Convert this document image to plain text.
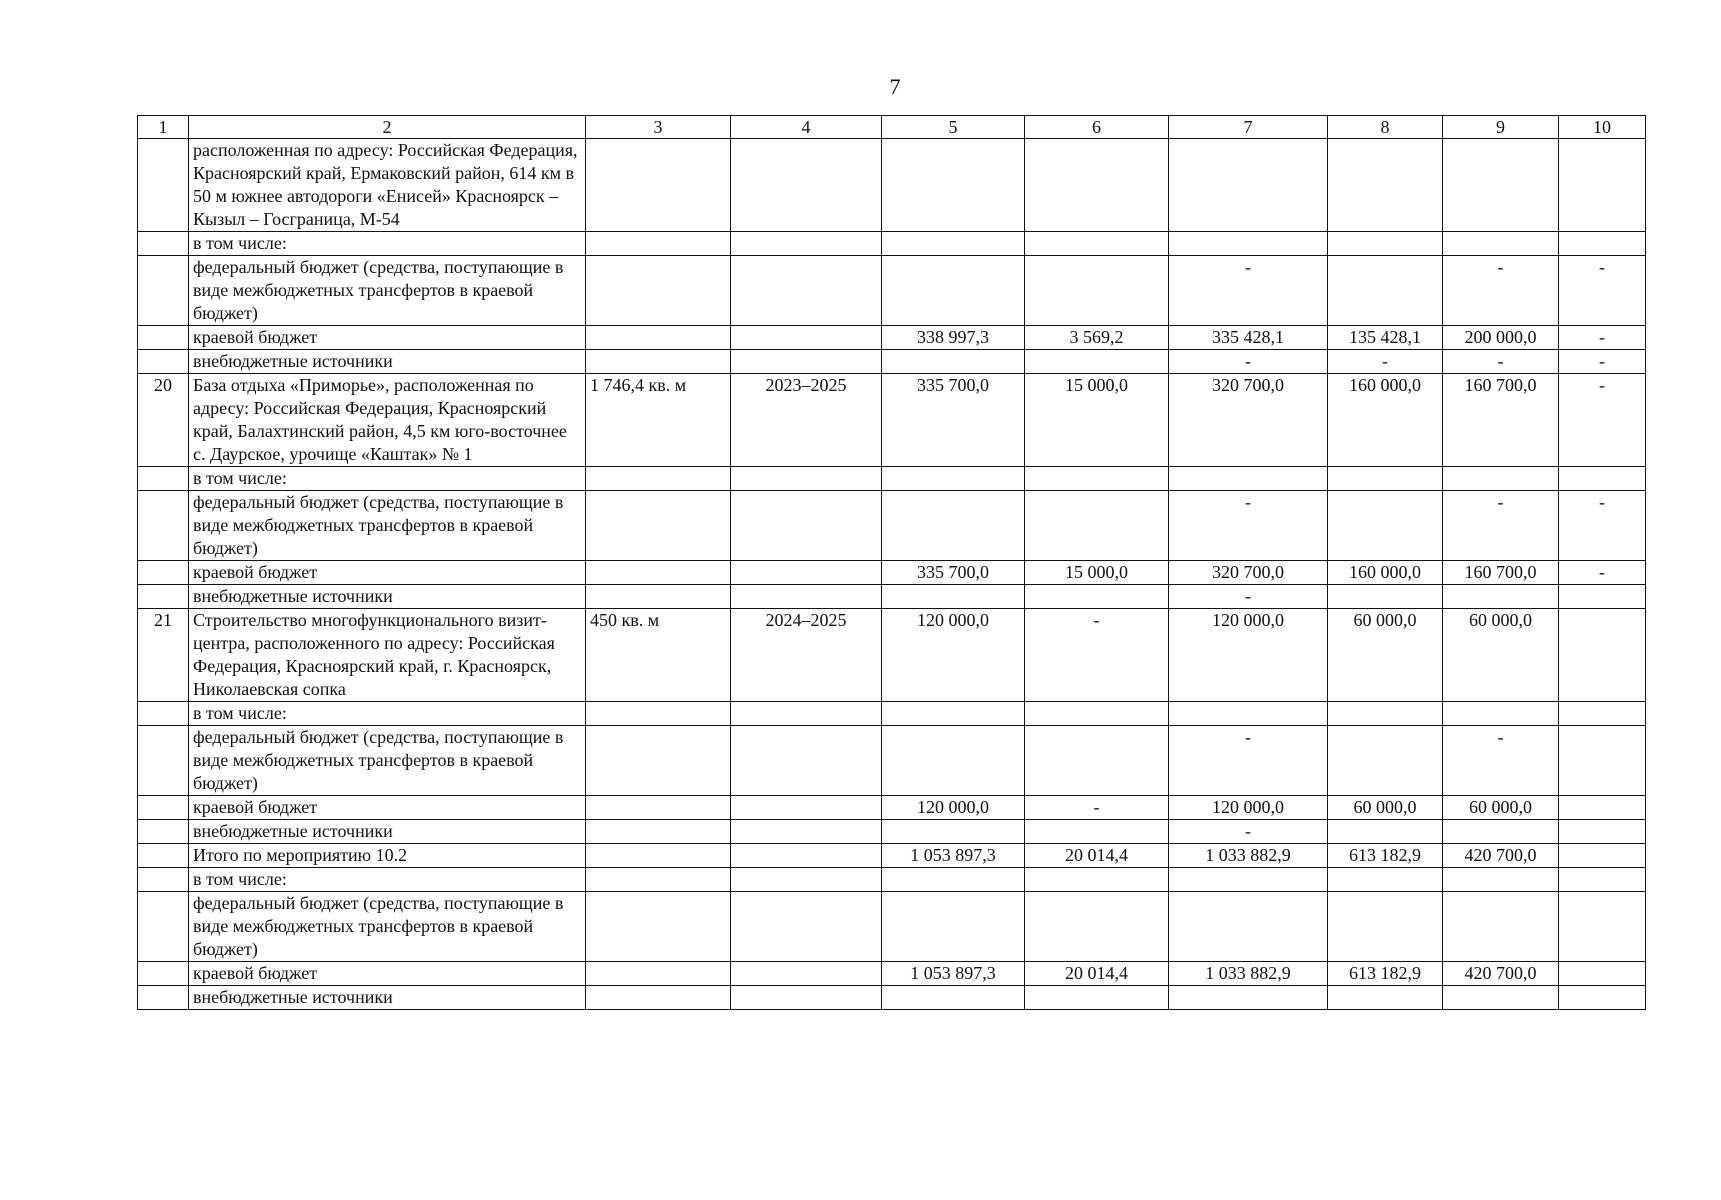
7
1	2	3	4	5	6	7	8	9	10
	расположенная по адресу: Российская Федерация, Красноярский край, Ермаковский район, 614 км в 50 м южнее автодороги «Енисей» Красноярск – Кызыл – Госграница, М-54								
	в том числе:								
	федеральный бюджет (средства, поступающие в виде межбюджетных трансфертов в краевой бюджет)					-		-	-
	краевой бюджет			338 997,3	3 569,2	335 428,1	135 428,1	200 000,0	-
	внебюджетные источники					-	-	-	-
20	База отдыха «Приморье», расположенная по адресу: Российская Федерация, Красноярский край, Балахтинский район, 4,5 км юго-восточнее с. Даурское, урочище «Каштак» № 1	1 746,4 кв. м	2023–2025	335 700,0	15 000,0	320 700,0	160 000,0	160 700,0	-
	в том числе:								
	федеральный бюджет (средства, поступающие в виде межбюджетных трансфертов в краевой бюджет)					-		-	-
	краевой бюджет			335 700,0	15 000,0	320 700,0	160 000,0	160 700,0	-
	внебюджетные источники					-			
21	Строительство многофункционального визит-центра, расположенного по адресу: Российская Федерация, Красноярский край, г. Красноярск, Николаевская сопка	450 кв. м	2024–2025	120 000,0	-	120 000,0	60 000,0	60 000,0	
	в том числе:								
	федеральный бюджет (средства, поступающие в виде межбюджетных трансфертов в краевой бюджет)					-		-	
	краевой бюджет			120 000,0	-	120 000,0	60 000,0	60 000,0	
	внебюджетные источники					-			
	Итого по мероприятию 10.2			1 053 897,3	20 014,4	1 033 882,9	613 182,9	420 700,0	
	в том числе:								
	федеральный бюджет (средства, поступающие в виде межбюджетных трансфертов в краевой бюджет)								
	краевой бюджет			1 053 897,3	20 014,4	1 033 882,9	613 182,9	420 700,0	
	внебюджетные источники								
